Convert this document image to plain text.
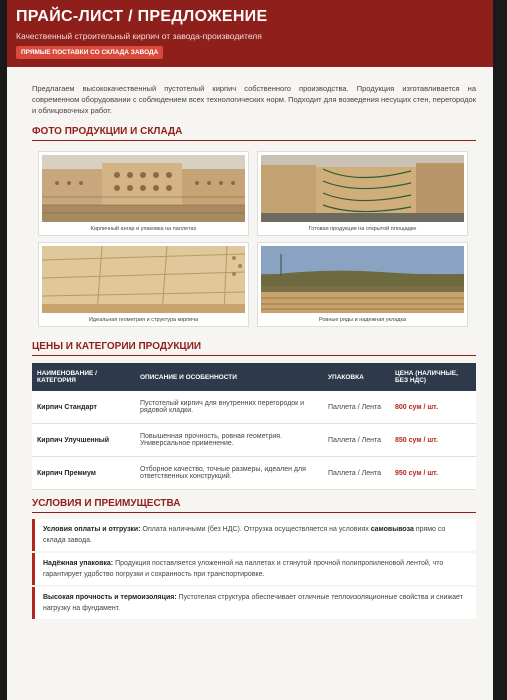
ПРАЙС-ЛИСТ / ПРЕДЛОЖЕНИЕ
Качественный строительный кирпич от завода-производителя
ПРЯМЫЕ ПОСТАВКИ СО СКЛАДА ЗАВОДА
Предлагаем высококачественный пустотелый кирпич собственного производства. Продукция изготавливается на современном оборудовании с соблюдением всех технологических норм. Подходит для возведения несущих стен, перегородок и облицовочных работ.
ФОТО ПРОДУКЦИИ И СКЛАДА
Кирпичный ангар и упаковка на паллетах	Готовая продукция на открытой площадке
Идеальная геометрия и структура кирпича	Ровные ряды и надежная укладка
ЦЕНЫ И КАТЕГОРИИ ПРОДУКЦИИ
НАИМЕНОВАНИЕ / КАТЕГОРИЯ	ОПИСАНИЕ И ОСОБЕННОСТИ	УПАКОВКА	ЦЕНА (НАЛИЧНЫЕ, БЕЗ НДС)
Кирпич Стандарт	Пустотелый кирпич для внутренних перегородок и рядовой кладки.	Паллета / Лента	800 сум / шт.
Кирпич Улучшенный	Повышенная прочность, ровная геометрия. Универсальное применение.	Паллета / Лента	850 сум / шт.
Кирпич Премиум	Отборное качество, точные размеры, идеален для ответственных конструкций.	Паллета / Лента	950 сум / шт.
УСЛОВИЯ И ПРЕИМУЩЕСТВА
Условия оплаты и отгрузки: Оплата наличными (без НДС). Отгрузка осуществляется на условиях самовывоза прямо со склада завода.
Надёжная упаковка: Продукция поставляется уложенной на паллетах и стянутой прочной полипропиленовой лентой, что гарантирует удобство погрузки и сохранность при транспортировке.
Высокая прочность и термоизоляция: Пустотелая структура обеспечивает отличные теплоизоляционные свойства и снижает нагрузку на фундамент.
